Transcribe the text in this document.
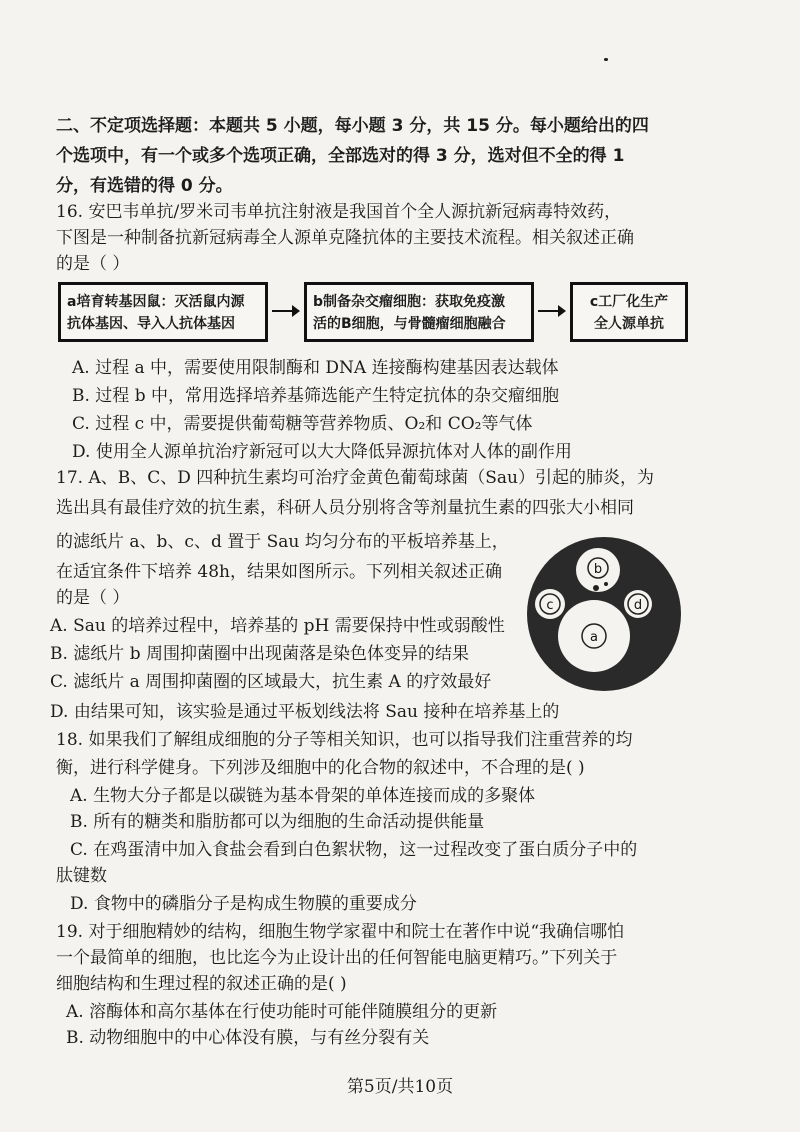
二、不定项选择题：本题共 5 小题，每小题 3 分，共 15 分。每小题给出的四
个选项中，有一个或多个选项正确，全部选对的得 3 分，选对但不全的得 1
分，有选错的得 0 分。
16. 安巴韦单抗/罗米司韦单抗注射液是我国首个全人源抗新冠病毒特效药，
下图是一种制备抗新冠病毒全人源单克隆抗体的主要技术流程。相关叙述正确
的是（ ）
a培育转基因鼠：灭活鼠内源
抗体基因、导入人抗体基因
b制备杂交瘤细胞：获取免疫激
活的B细胞，与骨髓瘤细胞融合
c工厂化生产
全人源单抗
A. 过程 a 中，需要使用限制酶和 DNA 连接酶构建基因表达载体
B. 过程 b 中，常用选择培养基筛选能产生特定抗体的杂交瘤细胞
C. 过程 c 中，需要提供葡萄糖等营养物质、O₂和 CO₂等气体
D. 使用全人源单抗治疗新冠可以大大降低异源抗体对人体的副作用
17. A、B、C、D 四种抗生素均可治疗金黄色葡萄球菌（Sau）引起的肺炎，为
选出具有最佳疗效的抗生素，科研人员分别将含等剂量抗生素的四张大小相同
的滤纸片 a、b、c、d 置于 Sau 均匀分布的平板培养基上，
在适宜条件下培养 48h，结果如图所示。下列相关叙述正确
的是（ ）
a
b
c	d
A. Sau 的培养过程中，培养基的 pH 需要保持中性或弱酸性
B. 滤纸片 b 周围抑菌圈中出现菌落是染色体变异的结果
C. 滤纸片 a 周围抑菌圈的区域最大，抗生素 A 的疗效最好
D. 由结果可知，该实验是通过平板划线法将 Sau 接种在培养基上的
18. 如果我们了解组成细胞的分子等相关知识，也可以指导我们注重营养的均
衡，进行科学健身。下列涉及细胞中的化合物的叙述中，不合理的是( )
A. 生物大分子都是以碳链为基本骨架的单体连接而成的多聚体
B. 所有的糖类和脂肪都可以为细胞的生命活动提供能量
C. 在鸡蛋清中加入食盐会看到白色絮状物，这一过程改变了蛋白质分子中的
肽键数
D. 食物中的磷脂分子是构成生物膜的重要成分
19. 对于细胞精妙的结构，细胞生物学家翟中和院士在著作中说“我确信哪怕
一个最简单的细胞，也比迄今为止设计出的任何智能电脑更精巧。”下列关于
细胞结构和生理过程的叙述正确的是( )
A. 溶酶体和高尔基体在行使功能时可能伴随膜组分的更新
B. 动物细胞中的中心体没有膜，与有丝分裂有关
第5页/共10页
